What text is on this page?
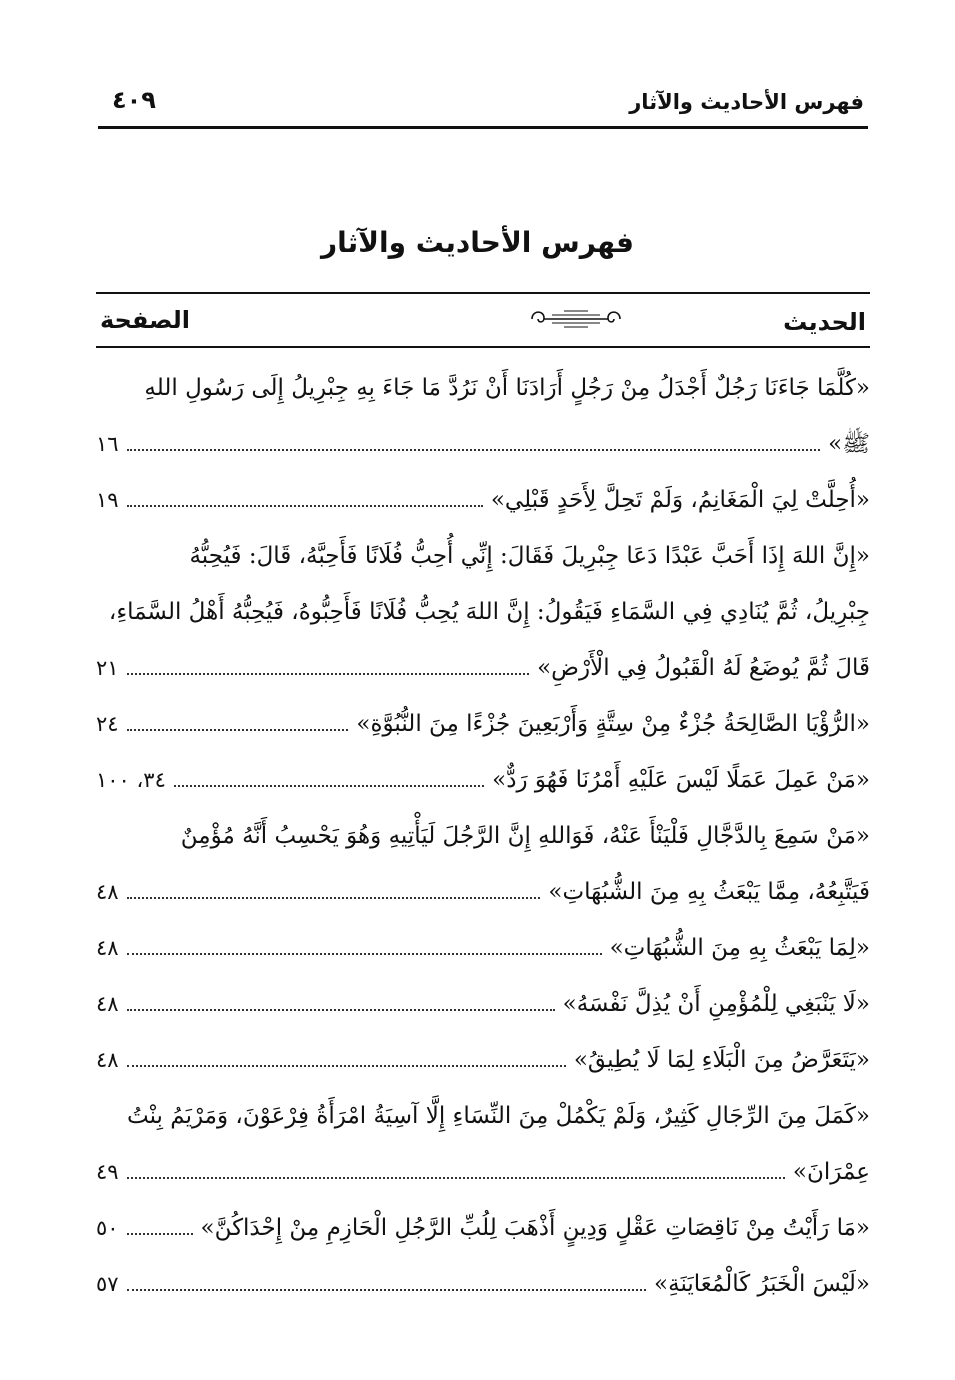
فهرس الأحاديث والآثار
٤٠٩
فهرس الأحاديث والآثار
الحديث
الصفحة
«كُلَّمَا جَاءَنَا رَجُلٌ أَجْدَلُ مِنْ رَجُلٍ أَرَادَنَا أَنْ نَرُدَّ مَا جَاءَ بِهِ جِبْرِيلُ إِلَى رَسُولِ اللهِ
ﷺ»
١٦
«أُحِلَّتْ لِيَ الْمَغَانِمُ، وَلَمْ تَحِلَّ لِأَحَدٍ قَبْلِي»
١٩
«إِنَّ اللهَ إِذَا أَحَبَّ عَبْدًا دَعَا جِبْرِيلَ فَقَالَ: إِنِّي أُحِبُّ فُلَانًا فَأَحِبَّهُ، قَالَ: فَيُحِبُّهُ
جِبْرِيلُ، ثُمَّ يُنَادِي فِي السَّمَاءِ فَيَقُولُ: إِنَّ اللهَ يُحِبُّ فُلَانًا فَأَحِبُّوهُ، فَيُحِبُّهُ أَهْلُ السَّمَاءِ،
قَالَ ثُمَّ يُوضَعُ لَهُ الْقَبُولُ فِي الْأَرْضِ»
٢١
«الرُّؤْيَا الصَّالِحَةُ جُزْءٌ مِنْ سِتَّةٍ وَأَرْبَعِينَ جُزْءًا مِنَ النُّبُوَّةِ»
٢٤
«مَنْ عَمِلَ عَمَلًا لَيْسَ عَلَيْهِ أَمْرُنَا فَهُوَ رَدٌّ»
٣٤، ١٠٠
«مَنْ سَمِعَ بِالدَّجَّالِ فَلْيَنْأَ عَنْهُ، فَوَاللهِ إِنَّ الرَّجُلَ لَيَأْتِيهِ وَهُوَ يَحْسِبُ أَنَّهُ مُؤْمِنٌ
فَيَتَّبِعُهُ، مِمَّا يَبْعَثُ بِهِ مِنَ الشُّبُهَاتِ»
٤٨
«لِمَا يَبْعَثُ بِهِ مِنَ الشُّبُهَاتِ»
٤٨
«لَا يَنْبَغِي لِلْمُؤْمِنِ أَنْ يُذِلَّ نَفْسَهُ»
٤٨
«يَتَعَرَّضُ مِنَ الْبَلَاءِ لِمَا لَا يُطِيقُ»
٤٨
«كَمَلَ مِنَ الرِّجَالِ كَثِيرٌ، وَلَمْ يَكْمُلْ مِنَ النِّسَاءِ إِلَّا آسِيَةُ امْرَأَةُ فِرْعَوْنَ، وَمَرْيَمُ بِنْتُ
عِمْرَانَ»
٤٩
«مَا رَأَيْتُ مِنْ نَاقِصَاتِ عَقْلٍ وَدِينٍ أَذْهَبَ لِلُبِّ الرَّجُلِ الْحَازِمِ مِنْ إِحْدَاكُنَّ»
٥٠
«لَيْسَ الْخَبَرُ كَالْمُعَايَنَةِ»
٥٧
